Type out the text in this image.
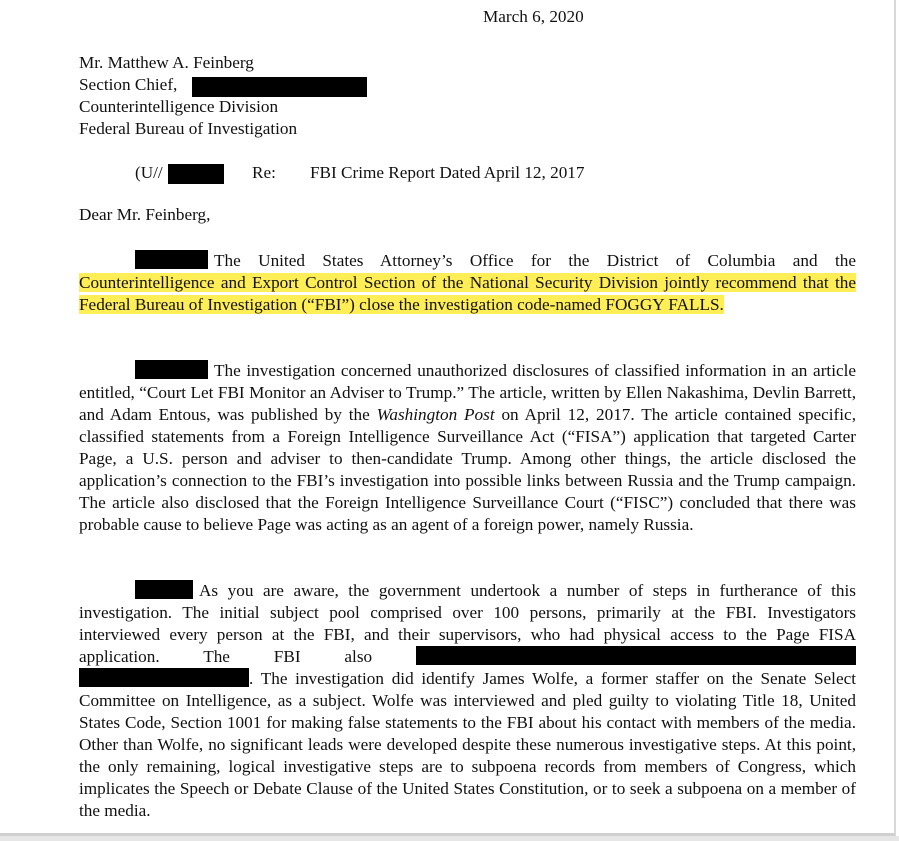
March 6, 2020
Mr. Matthew A. Feinberg
Section Chief,
Counterintelligence Division
Federal Bureau of Investigation
(U//	Re: FBI Crime Report Dated April 12, 2017
Dear Mr. Feinberg,
The United States Attorney’s Office for the District of Columbia and the
Counterintelligence and Export Control Section of the National Security Division jointly recommend that the Federal Bureau of Investigation (“FBI”) close the investigation code-named FOGGY FALLS.
The investigation concerned unauthorized disclosures of classified information in an article entitled, “Court Let FBI Monitor an Adviser to Trump.” The article, written by Ellen Nakashima, Devlin Barrett, and Adam Entous, was published by the Washington Post on April 12, 2017. The article contained specific, classified statements from a Foreign Intelligence Surveillance Act (“FISA”) application that targeted Carter Page, a U.S. person and adviser to then-candidate Trump. Among other things, the article disclosed the application’s connection to the FBI’s investigation into possible links between Russia and the Trump campaign. The article also disclosed that the Foreign Intelligence Surveillance Court (“FISC”) concluded that there was probable cause to believe Page was acting as an agent of a foreign power, namely Russia.
As you are aware, the government undertook a number of steps in furtherance of this investigation. The initial subject pool comprised over 100 persons, primarily at the FBI. Investigators interviewed every person at the FBI, and their supervisors, who had physical access to the Page FISA application. The FBI also . The investigation did identify James Wolfe, a former staffer on the Senate Select Committee on Intelligence, as a subject. Wolfe was interviewed and pled guilty to violating Title 18, United States Code, Section 1001 for making false statements to the FBI about his contact with members of the media. Other than Wolfe, no significant leads were developed despite these numerous investigative steps. At this point, the only remaining, logical investigative steps are to subpoena records from members of Congress, which implicates the Speech or Debate Clause of the United States Constitution, or to seek a subpoena on a member of the media.
